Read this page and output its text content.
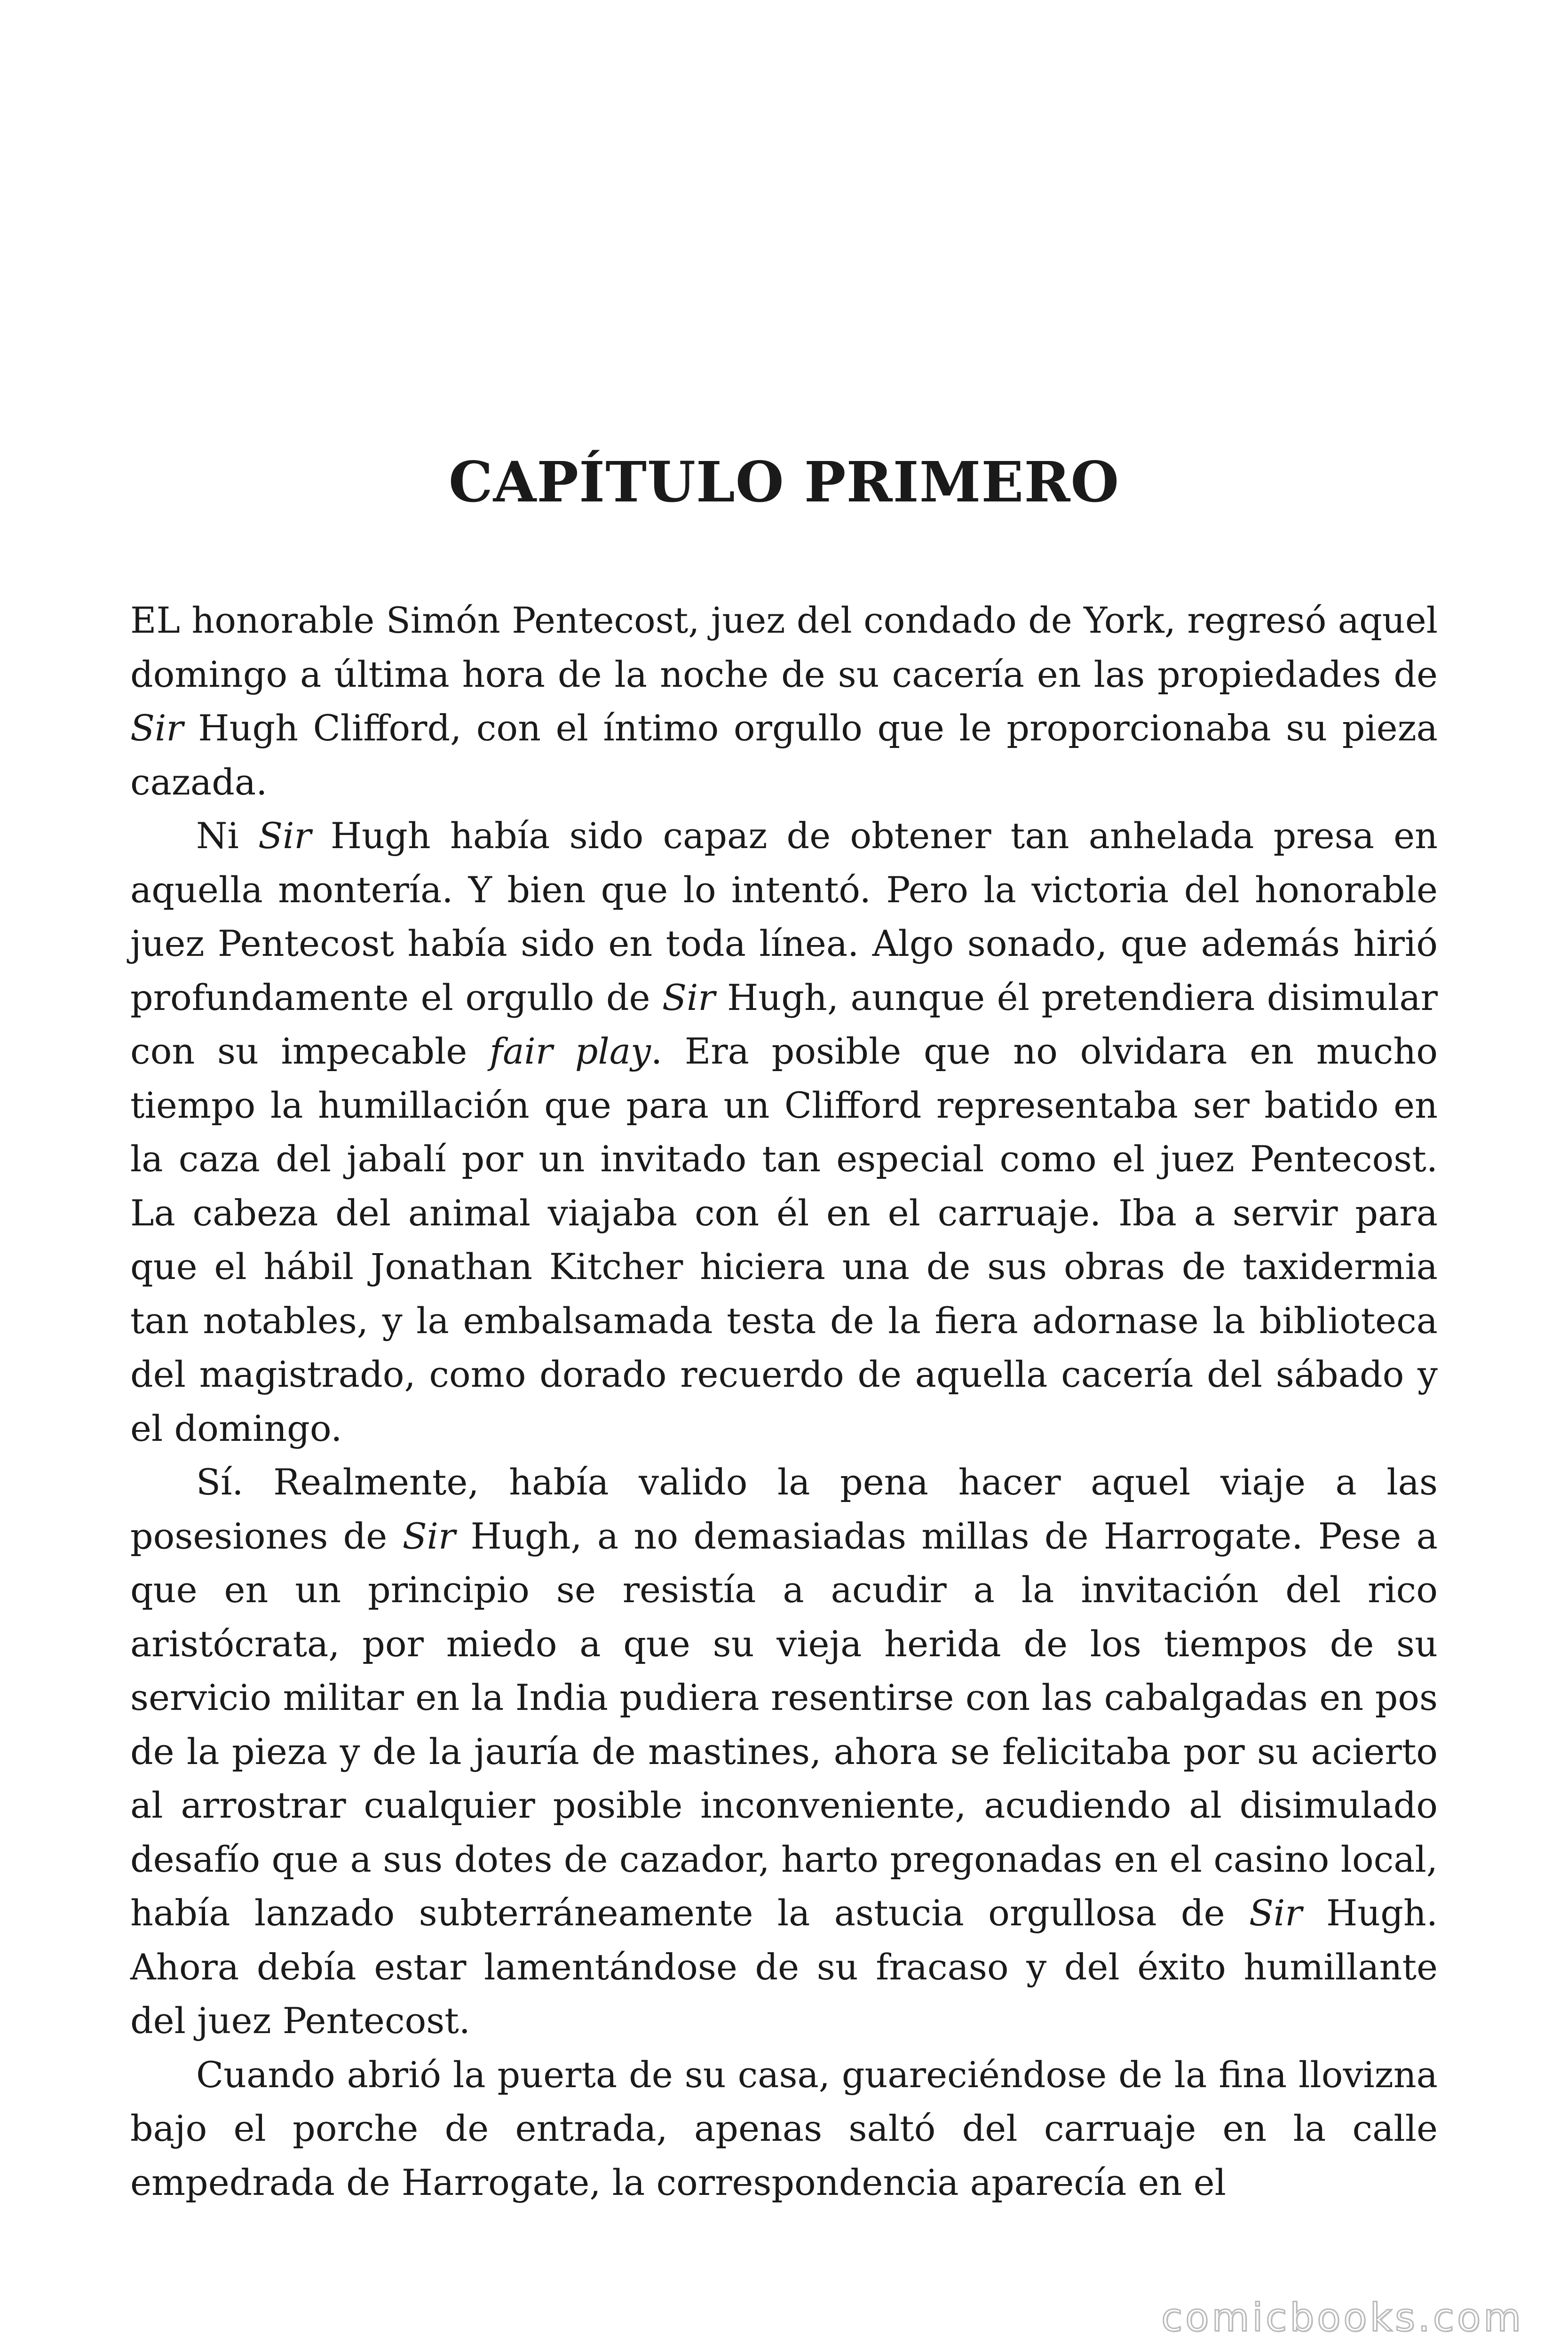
CAPÍTULO PRIMERO

EL honorable Simón Pentecost, juez del condado de York, regresó aquel domingo a última hora de la noche de su cacería en las propiedades de Sir Hugh Clifford, con el íntimo orgullo que le proporcionaba su pieza cazada.

Ni Sir Hugh había sido capaz de obtener tan anhelada presa en aquella montería. Y bien que lo intentó. Pero la victoria del honorable juez Pentecost había sido en toda línea. Algo sonado, que además hirió profundamente el orgullo de Sir Hugh, aunque él pretendiera disimular con su impecable fair play. Era posible que no olvidara en mucho tiempo la humillación que para un Clifford representaba ser batido en la caza del jabalí por un invitado tan especial como el juez Pentecost. La cabeza del animal viajaba con él en el carruaje. Iba a servir para que el hábil Jonathan Kitcher hiciera una de sus obras de taxidermia tan notables, y la embalsamada testa de la fiera adornase la biblioteca del magistrado, como dorado recuerdo de aquella cacería del sábado y el domingo.

Sí. Realmente, había valido la pena hacer aquel viaje a las posesiones de Sir Hugh, a no demasiadas millas de Harrogate. Pese a que en un principio se resistía a acudir a la invitación del rico aristócrata, por miedo a que su vieja herida de los tiempos de su servicio militar en la India pudiera resentirse con las cabalgadas en pos de la pieza y de la jauría de mastines, ahora se felicitaba por su acierto al arrostrar cualquier posible inconveniente, acudiendo al disimulado desafío que a sus dotes de cazador, harto pregonadas en el casino local, había lanzado subterráneamente la astucia orgullosa de Sir Hugh. Ahora debía estar lamentándose de su fracaso y del éxito humillante del juez Pentecost.

Cuando abrió la puerta de su casa, guareciéndose de la fina llovizna bajo el porche de entrada, apenas saltó del carruaje en la calle empedrada de Harrogate, la correspondencia aparecía en el

comicbooks.com
